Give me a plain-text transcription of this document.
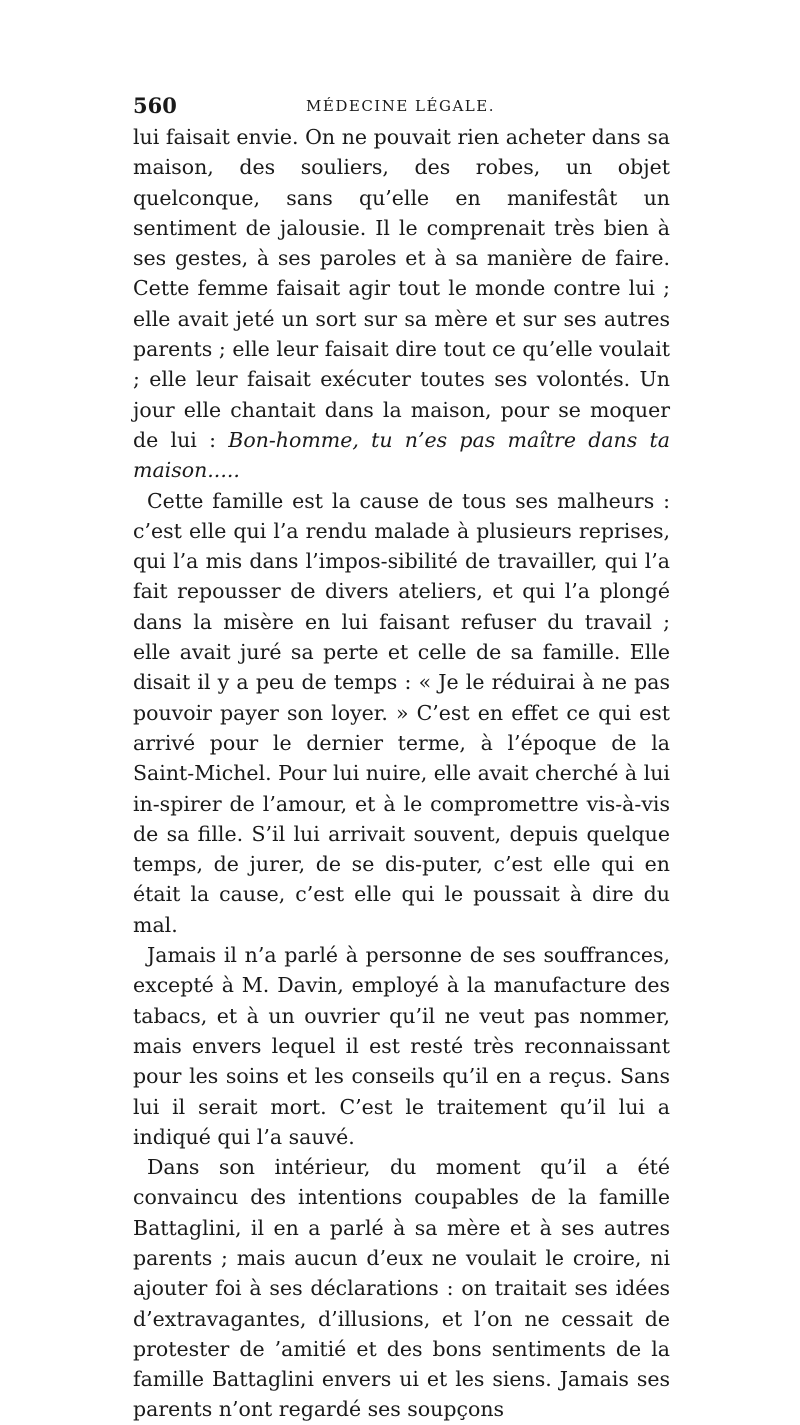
560	MÉDECINE LÉGALE.

lui faisait envie. On ne pouvait rien acheter dans sa maison, des souliers, des robes, un objet quelconque, sans qu’elle en manifestât un sentiment de jalousie. Il le comprenait très bien à ses gestes, à ses paroles et à sa manière de faire. Cette femme faisait agir tout le monde contre lui ; elle avait jeté un sort sur sa mère et sur ses autres parents ; elle leur faisait dire tout ce qu’elle voulait ; elle leur faisait exécuter toutes ses volontés. Un jour elle chantait dans la maison, pour se moquer de lui : Bon-homme, tu n’es pas maître dans ta maison.....

Cette famille est la cause de tous ses malheurs : c’est elle qui l’a rendu malade à plusieurs reprises, qui l’a mis dans l’impos-sibilité de travailler, qui l’a fait repousser de divers ateliers, et qui l’a plongé dans la misère en lui faisant refuser du travail ; elle avait juré sa perte et celle de sa famille. Elle disait il y a peu de temps : « Je le réduirai à ne pas pouvoir payer son loyer. » C’est en effet ce qui est arrivé pour le dernier terme, à l’époque de la Saint-Michel. Pour lui nuire, elle avait cherché à lui in-spirer de l’amour, et à le compromettre vis-à-vis de sa fille. S’il lui arrivait souvent, depuis quelque temps, de jurer, de se dis-puter, c’est elle qui en était la cause, c’est elle qui le poussait à dire du mal.

Jamais il n’a parlé à personne de ses souffrances, excepté à M. Davin, employé à la manufacture des tabacs, et à un ouvrier qu’il ne veut pas nommer, mais envers lequel il est resté très reconnaissant pour les soins et les conseils qu’il en a reçus. Sans lui il serait mort. C’est le traitement qu’il lui a indiqué qui l’a sauvé.

Dans son intérieur, du moment qu’il a été convaincu des intentions coupables de la famille Battaglini, il en a parlé à sa mère et à ses autres parents ; mais aucun d’eux ne voulait le croire, ni ajouter foi à ses déclarations : on traitait ses idées d’extravagantes, d’illusions, et l’on ne cessait de protester de ’amitié et des bons sentiments de la famille Battaglini envers ui et les siens. Jamais ses parents n’ont regardé ses soupçons
